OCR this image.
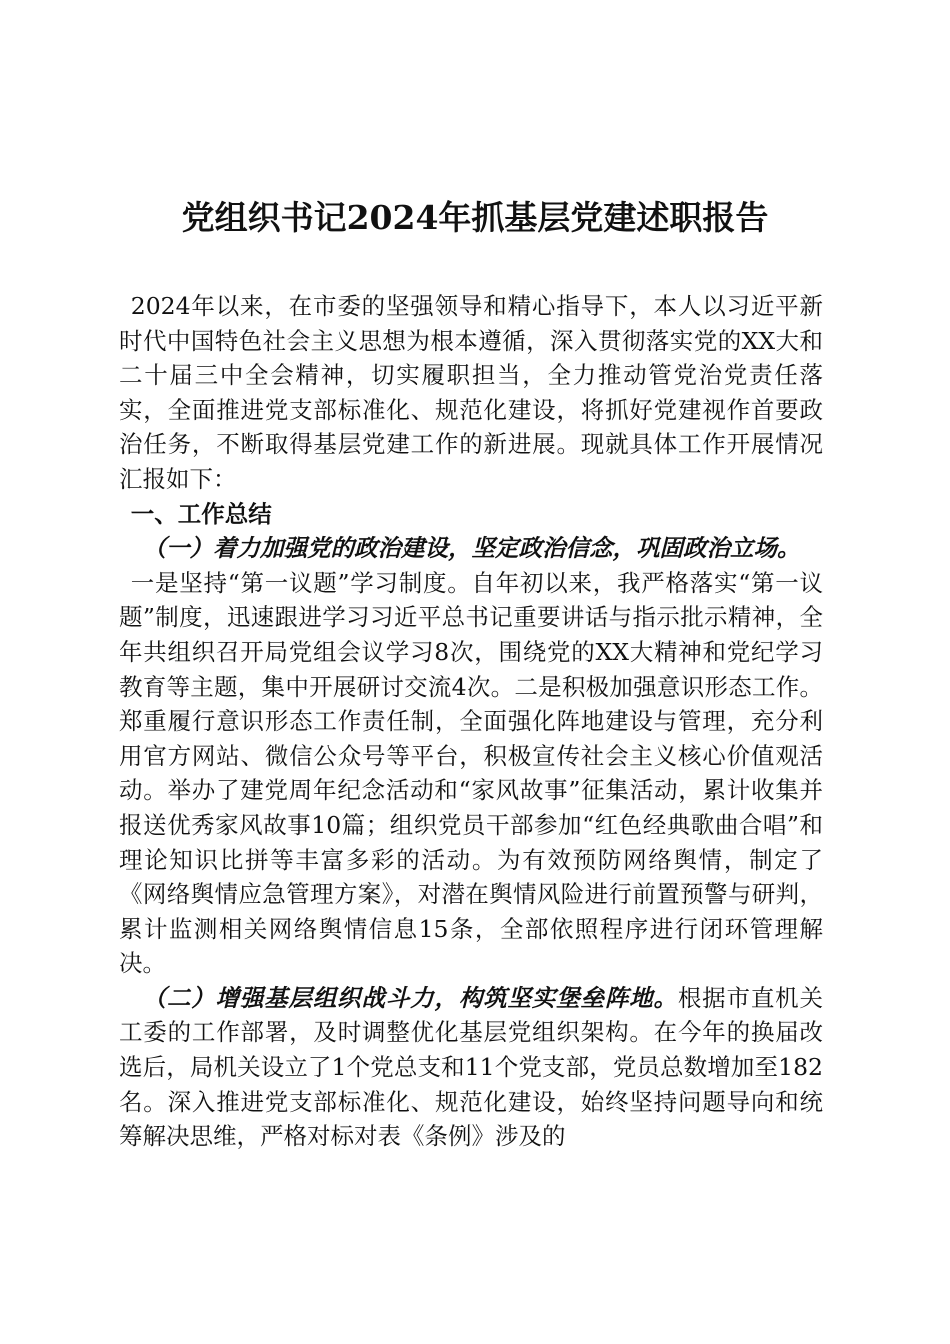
党组织书记2024年抓基层党建述职报告

2024年以来，在市委的坚强领导和精心指导下，本人以习近平新时代中国特色社会主义思想为根本遵循，深入贯彻落实党的XX大和二十届三中全会精神，切实履职担当，全力推动管党治党责任落实，全面推进党支部标准化、规范化建设，将抓好党建视作首要政治任务，不断取得基层党建工作的新进展。现就具体工作开展情况汇报如下：

一、工作总结

（一）着力加强党的政治建设，坚定政治信念，巩固政治立场。

一是坚持“第一议题”学习制度。自年初以来，我严格落实“第一议题”制度，迅速跟进学习习近平总书记重要讲话与指示批示精神，全年共组织召开局党组会议学习8次，围绕党的XX大精神和党纪学习教育等主题，集中开展研讨交流4次。二是积极加强意识形态工作。郑重履行意识形态工作责任制，全面强化阵地建设与管理，充分利用官方网站、微信公众号等平台，积极宣传社会主义核心价值观活动。举办了建党周年纪念活动和“家风故事”征集活动，累计收集并报送优秀家风故事10篇；组织党员干部参加“红色经典歌曲合唱”和理论知识比拼等丰富多彩的活动。为有效预防网络舆情，制定了《网络舆情应急管理方案》，对潜在舆情风险进行前置预警与研判，累计监测相关网络舆情信息15条，全部依照程序进行闭环管理解决。

（二）增强基层组织战斗力，构筑坚实堡垒阵地。根据市直机关工委的工作部署，及时调整优化基层党组织架构。在今年的换届改选后，局机关设立了1个党总支和11个党支部，党员总数增加至182名。深入推进党支部标准化、规范化建设，始终坚持问题导向和统筹解决思维，严格对标对表《条例》涉及的
